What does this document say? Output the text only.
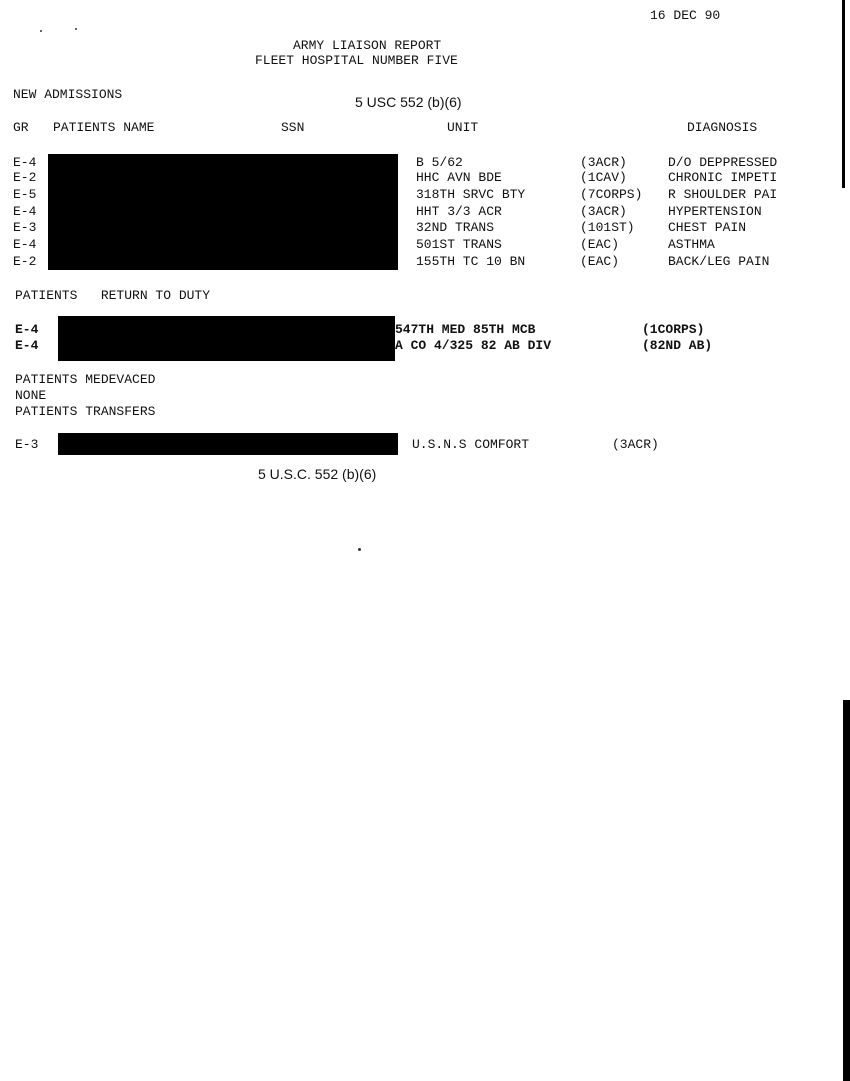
16 DEC 90
ARMY LIAISON REPORT
FLEET HOSPITAL NUMBER FIVE
NEW ADMISSIONS	5 USC 552 (b)(6)
GR PATIENTS NAME	SSN	UNIT	DIAGNOSIS
E-4	B 5/62	(3ACR)	D/O DEPPRESSED
E-2	HHC AVN BDE	(1CAV)	CHRONIC IMPETI
E-5	318TH SRVC BTY	(7CORPS) R SHOULDER PAI
E-4	HHT 3/3 ACR	(3ACR)	HYPERTENSION
E-3	32ND TRANS	(101ST)	CHEST PAIN
E-4	501ST TRANS	(EAC)	ASTHMA
E-2	155TH TC 10 BN	(EAC)	BACK/LEG PAIN
PATIENTS   RETURN TO DUTY
E-4	547TH MED 85TH MCB	(1CORPS)
E-4	A CO 4/325 82 AB DIV	(82ND AB)
PATIENTS MEDEVACED
NONE
PATIENTS TRANSFERS
E-3	U.S.N.S COMFORT	(3ACR)
5 U.S.C. 552 (b)(6)
